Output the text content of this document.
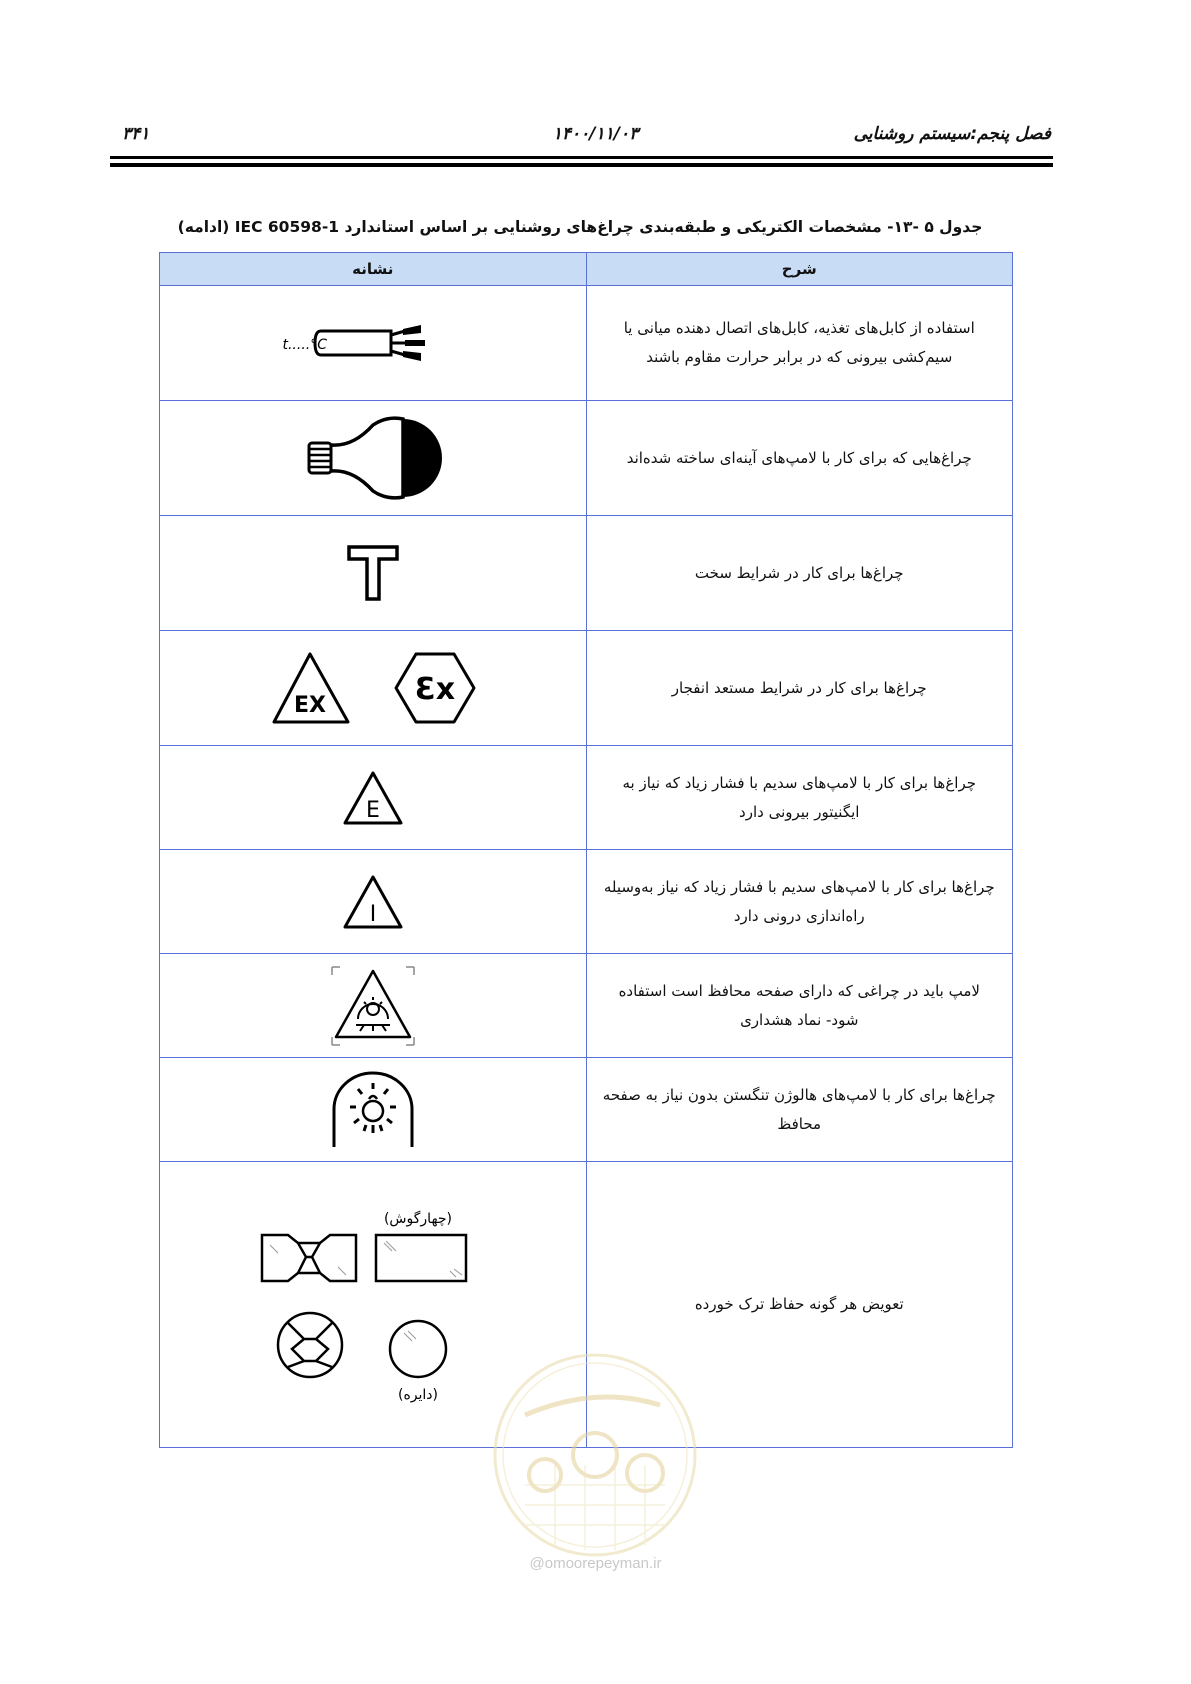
فصل پنجم:سیستم روشنایی
۱۴۰۰/۱۱/۰۳
۳۴۱
جدول ۵ -۱۳- مشخصات الکتریکی و طبقه‌بندی چراغ‌های روشنایی بر اساس استاندارد IEC 60598-1 (ادامه)
شرح	نشانه
استفاده از کابل‌های تغذیه، کابل‌های اتصال دهنده میانی یا سیم‌کشی بیرونی که در برابر حرارت مقاوم باشند	t.....°C

چراغ‌هایی که برای کار با لامپ‌های آینه‌ای ساخته شده‌اند	
چراغ‌ها برای کار در شرایط سخت	
چراغ‌ها برای کار در شرایط مستعد انفجار	EX Ɛx

چراغ‌ها برای کار با لامپ‌های سدیم با فشار زیاد که نیاز به ایگنیتور بیرونی دارد	E

چراغ‌ها برای کار با لامپ‌های سدیم با فشار زیاد که نیاز به‌وسیله راه‌اندازی درونی دارد	I

لامپ باید در چراغی که دارای صفحه محافظ است استفاده شود- نماد هشداری	
چراغ‌ها برای کار با لامپ‌های هالوژن تنگستن بدون نیاز به صفحه محافظ	
تعویض هر گونه حفاظ ترک خورده	(چهارگوش)
(دایره)
@omoorepeyman.ir
